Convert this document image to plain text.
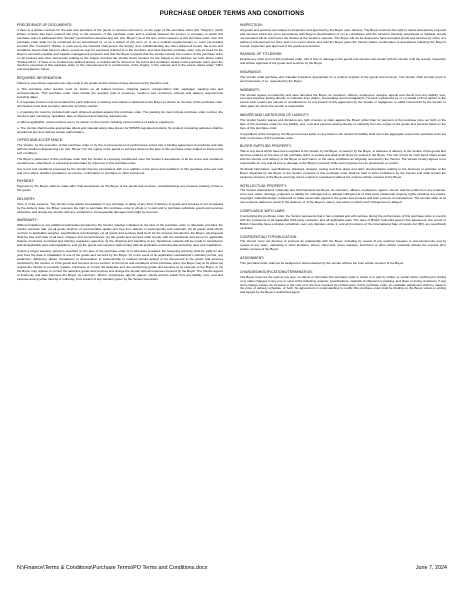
PURCHASE ORDER TERMS AND CONDITIONS
PRECEDENCE OF DOCUMENTS:
If there is a written contract for the sale and purchase of the goods or services referred to on the page of this purchase order (the "Supply"), which written contract has been entered into prior to the issuance of this purchase order and is existing between the person or company to which this purchase order is addressed (the "Vendor") and Northern Engineering Ltd. (the "Buyer") as of the time of the issuance of this purchase order, then this purchase order shall not be construed as an amendment to, or as a waiver of any term of, or as a contract supplementary to, such pre-existing contract (the "Contract"). Rather, in such event, the Contract shall govern the Supply, and, notwithstanding any other statement herein, the terms and conditions herein shall have no effect, except as may be expressly referred to in the Contract, and save that this purchase order may be used for the Buyer's accounts payable and supplier-management purposes and that the Buyer requests that the Vendor include the number of this purchase order on all invoices and other documents relating to the Supply and that the Vendor direct invoices for the Supply to the address set forth above under "Please bill to". If there is no Contract (as defined above), a contract will be formed on the terms and conditions stated in this purchase order upon the Vendor's execution of this purchase order or the commencement or performance of the Supply, in the manner and to the extent stated under "Offer and Acceptance" below.
REQUIRED INFORMATION:
Failure to meet these requirements may result in the goods and/or invoices being returned at the Vendor's cost.
a. The purchase order number must be shown on all related invoices, shipping papers, transportation bills, packages, packing lists and correspondence. This purchase order must include the quantity (unit of measure), Vendor's part number(s), price(s) and delivery requirements including dates.
b. A separate invoice must be rendered for each shipment or delivery and mailed or delivered to the Buyer as shown on the face of the purchase order. All invoices must bear a unique reference (invoice) number.
c. A packing list must be included with each shipment applied against this purchase order. The packing list must include purchase order number, the Vendor's part number(s), quantities, date of shipment and shipping requirements.
d. Where applicable, serial numbers are to be shown on the invoice including serial numbers of trade-in equipment.
e. The Vendor shall provide appropriate labels and material safety data sheets for WHMIS regulated products. No product containing asbestos shall be supplied at any time without written authorization.
OFFER AND ACCEPTANCE:
The Vendor, by the execution of this purchase order or by the commencement of performance enters into a binding agreement of purchase and sale with the Northern Engineering Ltd. (the "Buyer") for the supply of the goods or services listed on the face of this purchase order subject to these terms and conditions.
The Buyer's placement of this purchase order with the Vendor is expressly conditioned upon the Vendor's acceptance of all the terms and conditions contained as, advertised, or expressly incorporated by reference in this purchase order.
Any terms and conditions proposed by the Vendor that are inconsistent with or in addition to the terms and conditions of this purchase order are void and of no effect, whether provided in an invoice, confirmation or purchase or other instrument.
PAYMENT:
Payment by the Buyer shall be made after final acceptance by the Buyer of the goods and services, notwithstanding any previous passing of title to the goods.
DELIVERY:
Time is of the essence. The Vendor must advise immediately of any shortage or delay of any kind. If delivery of goods and services is not completed by the delivery date, the Buyer reserves the right to terminate this purchase order in whole or in part and to purchase substitute goods and services elsewhere and charge the Vendor with any incidental or consequential damages that might be incurred.
WARRANTY:
Without limitation to any additional warranties provided by the Vendor, whether indicated on the face of the purchase order or otherwise provided, the Vendor warrants that: (a) all goods shall be of merchantable quality and free from defects in workmanship and materials; (b) all goods shall strictly conform to applicable samples, specifications and drawings; (c) all goods and services shall be fit for the purpose intended by the Buyer; (d) all goods shall be free and clear of all liens, charges and encumbrances; (e) the goods and services shall comply with the standards and terms for applicable federal, provincial, municipal and industry regulatory agencies; (f) the shipping and handling of any hazardous material will be made in accordance with all applicable laws and regulations; and (g) the goods and services shall comply with all applicable environmental protection laws and regulations.
Unless a longer warranty period is specified on the face of the purchase order or is otherwise provided, the foregoing warranty shall be valid for one year from the date of installation or use of the goods and services by the Buyer. Or in the event of an applicable manufacturer's warranty period, any weakness, deficiency, failure, breakdown or deterioration in workmanship or material should appear or be discovered in the goods and services furnished by the Vendor, or if the goods and services do not conform to the terms and conditions of this purchase order, the Buyer may at its option (a) require the Vendor to promptly replace, reimburse or correct the defective and non-conforming goods and services at no expense to the Buyer, or (b) the Buyer may replace or correct the defective goods and services and charge the Vendor with all expenses incurred by the Buyer. The Vendor agrees to indemnify and save harmless the Buyer, its members, officers, employees, agents, agents, clients and the public from any liability, loss, cost and expense arising either directly or indirectly, from breach of any warranty given by the Vendor hereunder.
INSPECTION:
All goods and services are subject to inspection and approval by the Buyer upon delivery. The Buyer reserves the right to refuse acceptance of goods and services which are not in accordance with Buyer's specifications or not in compliance with the Vendor's warranty (expressed or implied). Goods not accepted will be returned to the Vendor at the Vendor's expense. The Buyer will not be deemed to have accepted goods and services by virtue of a partial or full payment for them and in no event unless and until the Buyer gives the Vendor written confirmation of acceptance following the Buyer's receipt, inspection and approval of the goods and services.
PASSING OF TITLE/RISK:
Despite any other term of this purchase order, risk of loss or damage to the goods and services will remain with the Vendor until the receipt, inspection and written approval of the goods and services by the Buyer.
INSURANCE:
The Vendor shall purchase and maintain insurance appropriate for a prudent supplier of the goods and services. The Vendor shall provide proof of such insurance, if so, requested by the Buyer.
INDEMNITY:
The Vendor agrees to indemnify and save harmless the Buyer, its members, officers, employees, assigns, agents and clients from any liability, loss, cost and expense arising directly or indirectly from claims, proceedings and investigations ("Losses") advanced by or on behalf of third parties to the extent such Losses are caused or contributed to by any breach of this agreement by the Vendor or negligence or willful misconduct by the Vendor or other party for whom the Vendor is responsible.
WAIVER AND LIMITATIONS OF LIABILITY:
The Vendor hereby waives and disclaims any right of action or claim against the Buyer (other than for payment of the purchase price set forth on the face of the purchase order) for any liability, loss, cost and expense arising directly or indirectly from the supply of the goods and services listed on the face of this purchase order.
If regardless of the foregoing, the Buyer becomes liable on any basis to the Vendor its liability shall not in the aggregate exceed the purchase price set forth on the face of this purchase order.
BUYER SUPPLIED PROPERTY:
Title to any items which have been supplied to the Vendor by the Buyer, or paid for by the Buyer, in advance of delivery to the Vendor of the goods and services ordered on the face of the purchase order, is vested and shall at all times be vested in the Buyer. The risk of loss for such items shall remain with the Vendor until delivery to the Buyer of such items. In the same conditions as originally received by the Vendor. The Vendor hereby agrees to be responsible for any and all loss or damage to the Buyer's property while such property is in its possession or control.
Technical information, specifications, drawings, designs, tooling and floor plans and other documentation relating to the business or activities of the Buyer disclosed by the Buyer to the Vendor pursuant to this purchase order shall be held in strict confidence by the Vendor and shall remain the exclusive property of the Buyer and may not be copied or reproduced without the express written consent of the Buyer.
INTELLECTUAL PROPERTY:
The Vendor shall defend, indemnify and hold harmless the Buyer, its members, officers, employees, agents, clients, and the public from any expense, cost, loss, claim, damage, judgment or liability for infringement or alleged infringement of third-party intellectual property rights including any patent, copyright, industrial design, trademark or trade secret with regard to the goods and services and their process of manufacture. The Vendor shall, at its own expense defend or assist in the defense of, at the Buyer's option, any action in which such infringement is alleged.
COMPLIANCE WITH LAWS:
In accepting this purchase order, the Vendor represents that it has complied and will continue during the performance of this purchase order to comply with the provisions of all applicable third-party contracts, and all applicable laws. The laws of British Columbia govern this agreement, the courts of British Columbia have exclusive jurisdiction over any disputes under it, and all provisions of the International Sale of Goods Act (BC) are specifically excluded.
CONFIDENTIALITY/PUBLICATION:
The Vendor must not disclose or promote its relationship with the Buyer, including by means of any external releases or announcements and by means of any sales, marketing or other literature, letters, client lists, press releases, brochures or other written materials without the express prior written consent of the Buyer.
ASSIGNMENT:
This purchase order shall not be assigned or subcontracted by the Vendor without the prior written consent of the Buyer.
CHANGES/MODIFICATIONS/TERMINATION:
The Buyer reserves the right at any time, to cancel or terminate this purchase order in whole or in part by written or verbal notice confirmed in writing or to make changes in any one or more of the following: quantity, specifications, methods of shipment or packing, and place or timing of delivery. If any such change causes an increase in the cost of or the time required for performance of this purchase order, an equitable adjustment shall be made in the price or delivery schedule, or both. No agreement or understanding to modify this purchase order shall be binding on the Buyer unless in writing and signed by the Buyer's authorized agent.
N:\Finance\Terms & Conditions\Purchase Terms\PO Terms and Conditions.docx	June 7, 2024
